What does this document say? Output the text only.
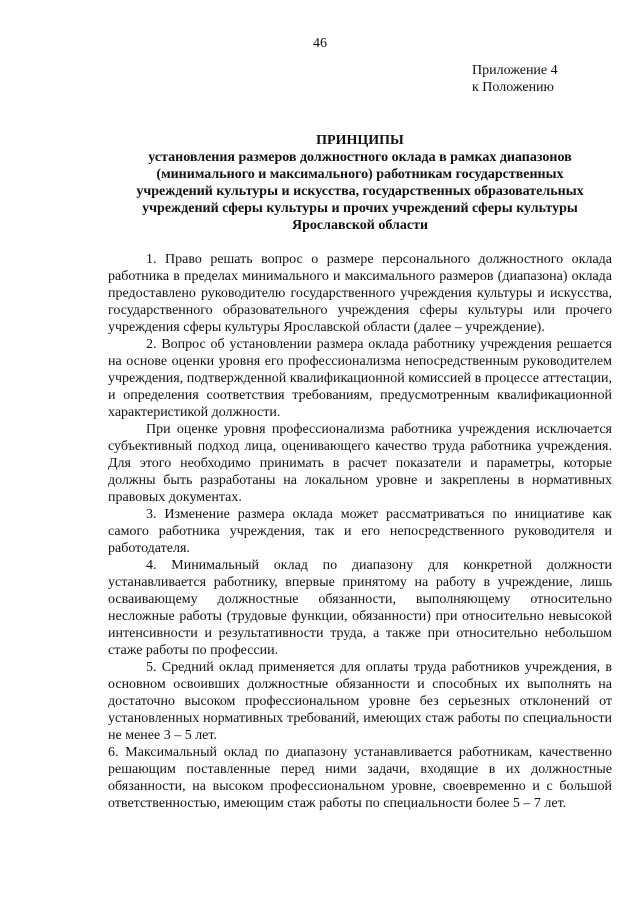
46
Приложение 4
к Положению
ПРИНЦИПЫ
установления размеров должностного оклада в рамках диапазонов
(минимального и максимального) работникам государственных
учреждений культуры и искусства, государственных образовательных
учреждений сферы культуры и прочих учреждений сферы культуры
Ярославской области

1. Право решать вопрос о размере персонального должностного оклада работника в пределах минимального и максимального размеров (диапазона) оклада предоставлено руководителю государственного учреждения культуры и искусства, государственного образовательного учреждения сферы культуры или прочего учреждения сферы культуры Ярославской области (далее – учреждение).

2. Вопрос об установлении размера оклада работнику учреждения решается на основе оценки уровня его профессионализма непосредственным руководителем учреждения, подтвержденной квалификационной комиссией в процессе аттестации, и определения соответствия требованиям, предусмотренным квалификационной характеристикой должности.

При оценке уровня профессионализма работника учреждения исключается субъективный подход лица, оценивающего качество труда работника учреждения. Для этого необходимо принимать в расчет показатели и параметры, которые должны быть разработаны на локальном уровне и закреплены в нормативных правовых документах.

3. Изменение размера оклада может рассматриваться по инициативе как самого работника учреждения, так и его непосредственного руководителя и работодателя.

4. Минимальный оклад по диапазону для конкретной должности устанавливается работнику, впервые принятому на работу в учреждение, лишь осваивающему должностные обязанности, выполняющему относительно несложные работы (трудовые функции, обязанности) при относительно невысокой интенсивности и результативности труда, а также при относительно небольшом стаже работы по профессии.

5. Средний оклад применяется для оплаты труда работников учреждения, в основном освоивших должностные обязанности и способных их выполнять на достаточно высоком профессиональном уровне без серьезных отклонений от установленных нормативных требований, имеющих стаж работы по специальности не менее 3 – 5 лет.

6. Максимальный оклад по диапазону устанавливается работникам, качественно решающим поставленные перед ними задачи, входящие в их должностные обязанности, на высоком профессиональном уровне, своевременно и с большой ответственностью, имеющим стаж работы по специальности более 5 – 7 лет.
